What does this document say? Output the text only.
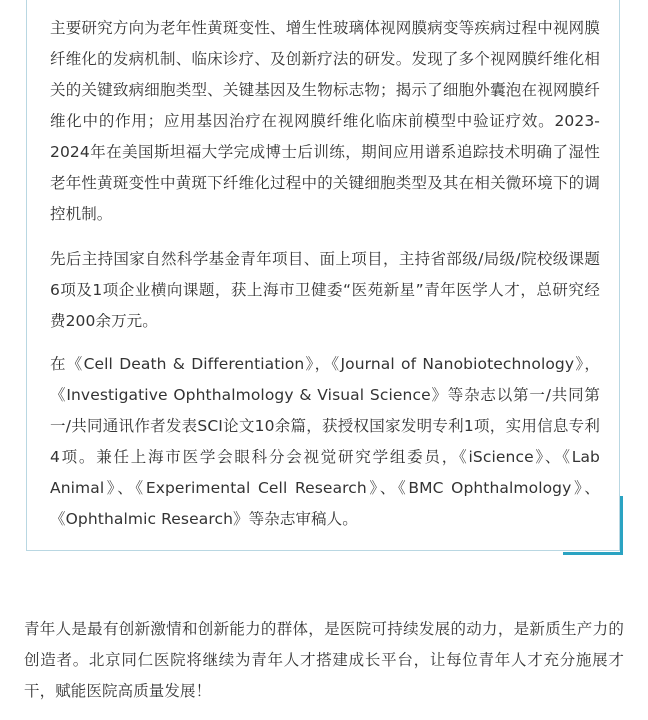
主要研究方向为老年性黄斑变性、增生性玻璃体视网膜病变等疾病过程中视网膜纤维化的发病机制、临床诊疗、及创新疗法的研发。发现了多个视网膜纤维化相关的关键致病细胞类型、关键基因及生物标志物；揭示了细胞外囊泡在视网膜纤维化中的作用；应用基因治疗在视网膜纤维化临床前模型中验证疗效。2023-2024年在美国斯坦福大学完成博士后训练，期间应用谱系追踪技术明确了湿性老年性黄斑变性中黄斑下纤维化过程中的关键细胞类型及其在相关微环境下的调控机制。

先后主持国家自然科学基金青年项目、面上项目，主持省部级/局级/院校级课题6项及1项企业横向课题，获上海市卫健委“医苑新星”青年医学人才，总研究经费200余万元。

在《Cell Death & Differentiation》，《Journal of Nanobiotechnology》，《Investigative Ophthalmology & Visual Science》等杂志以第一/共同第一/共同通讯作者发表SCI论文10余篇，获授权国家发明专利1项，实用信息专利4项。兼任上海市医学会眼科分会视觉研究学组委员，《iScience》、《Lab Animal》、《Experimental Cell Research》、《BMC Ophthalmology》、《Ophthalmic Research》等杂志审稿人。

青年人是最有创新激情和创新能力的群体，是医院可持续发展的动力，是新质生产力的创造者。北京同仁医院将继续为青年人才搭建成长平台，让每位青年人才充分施展才干，赋能医院高质量发展！
